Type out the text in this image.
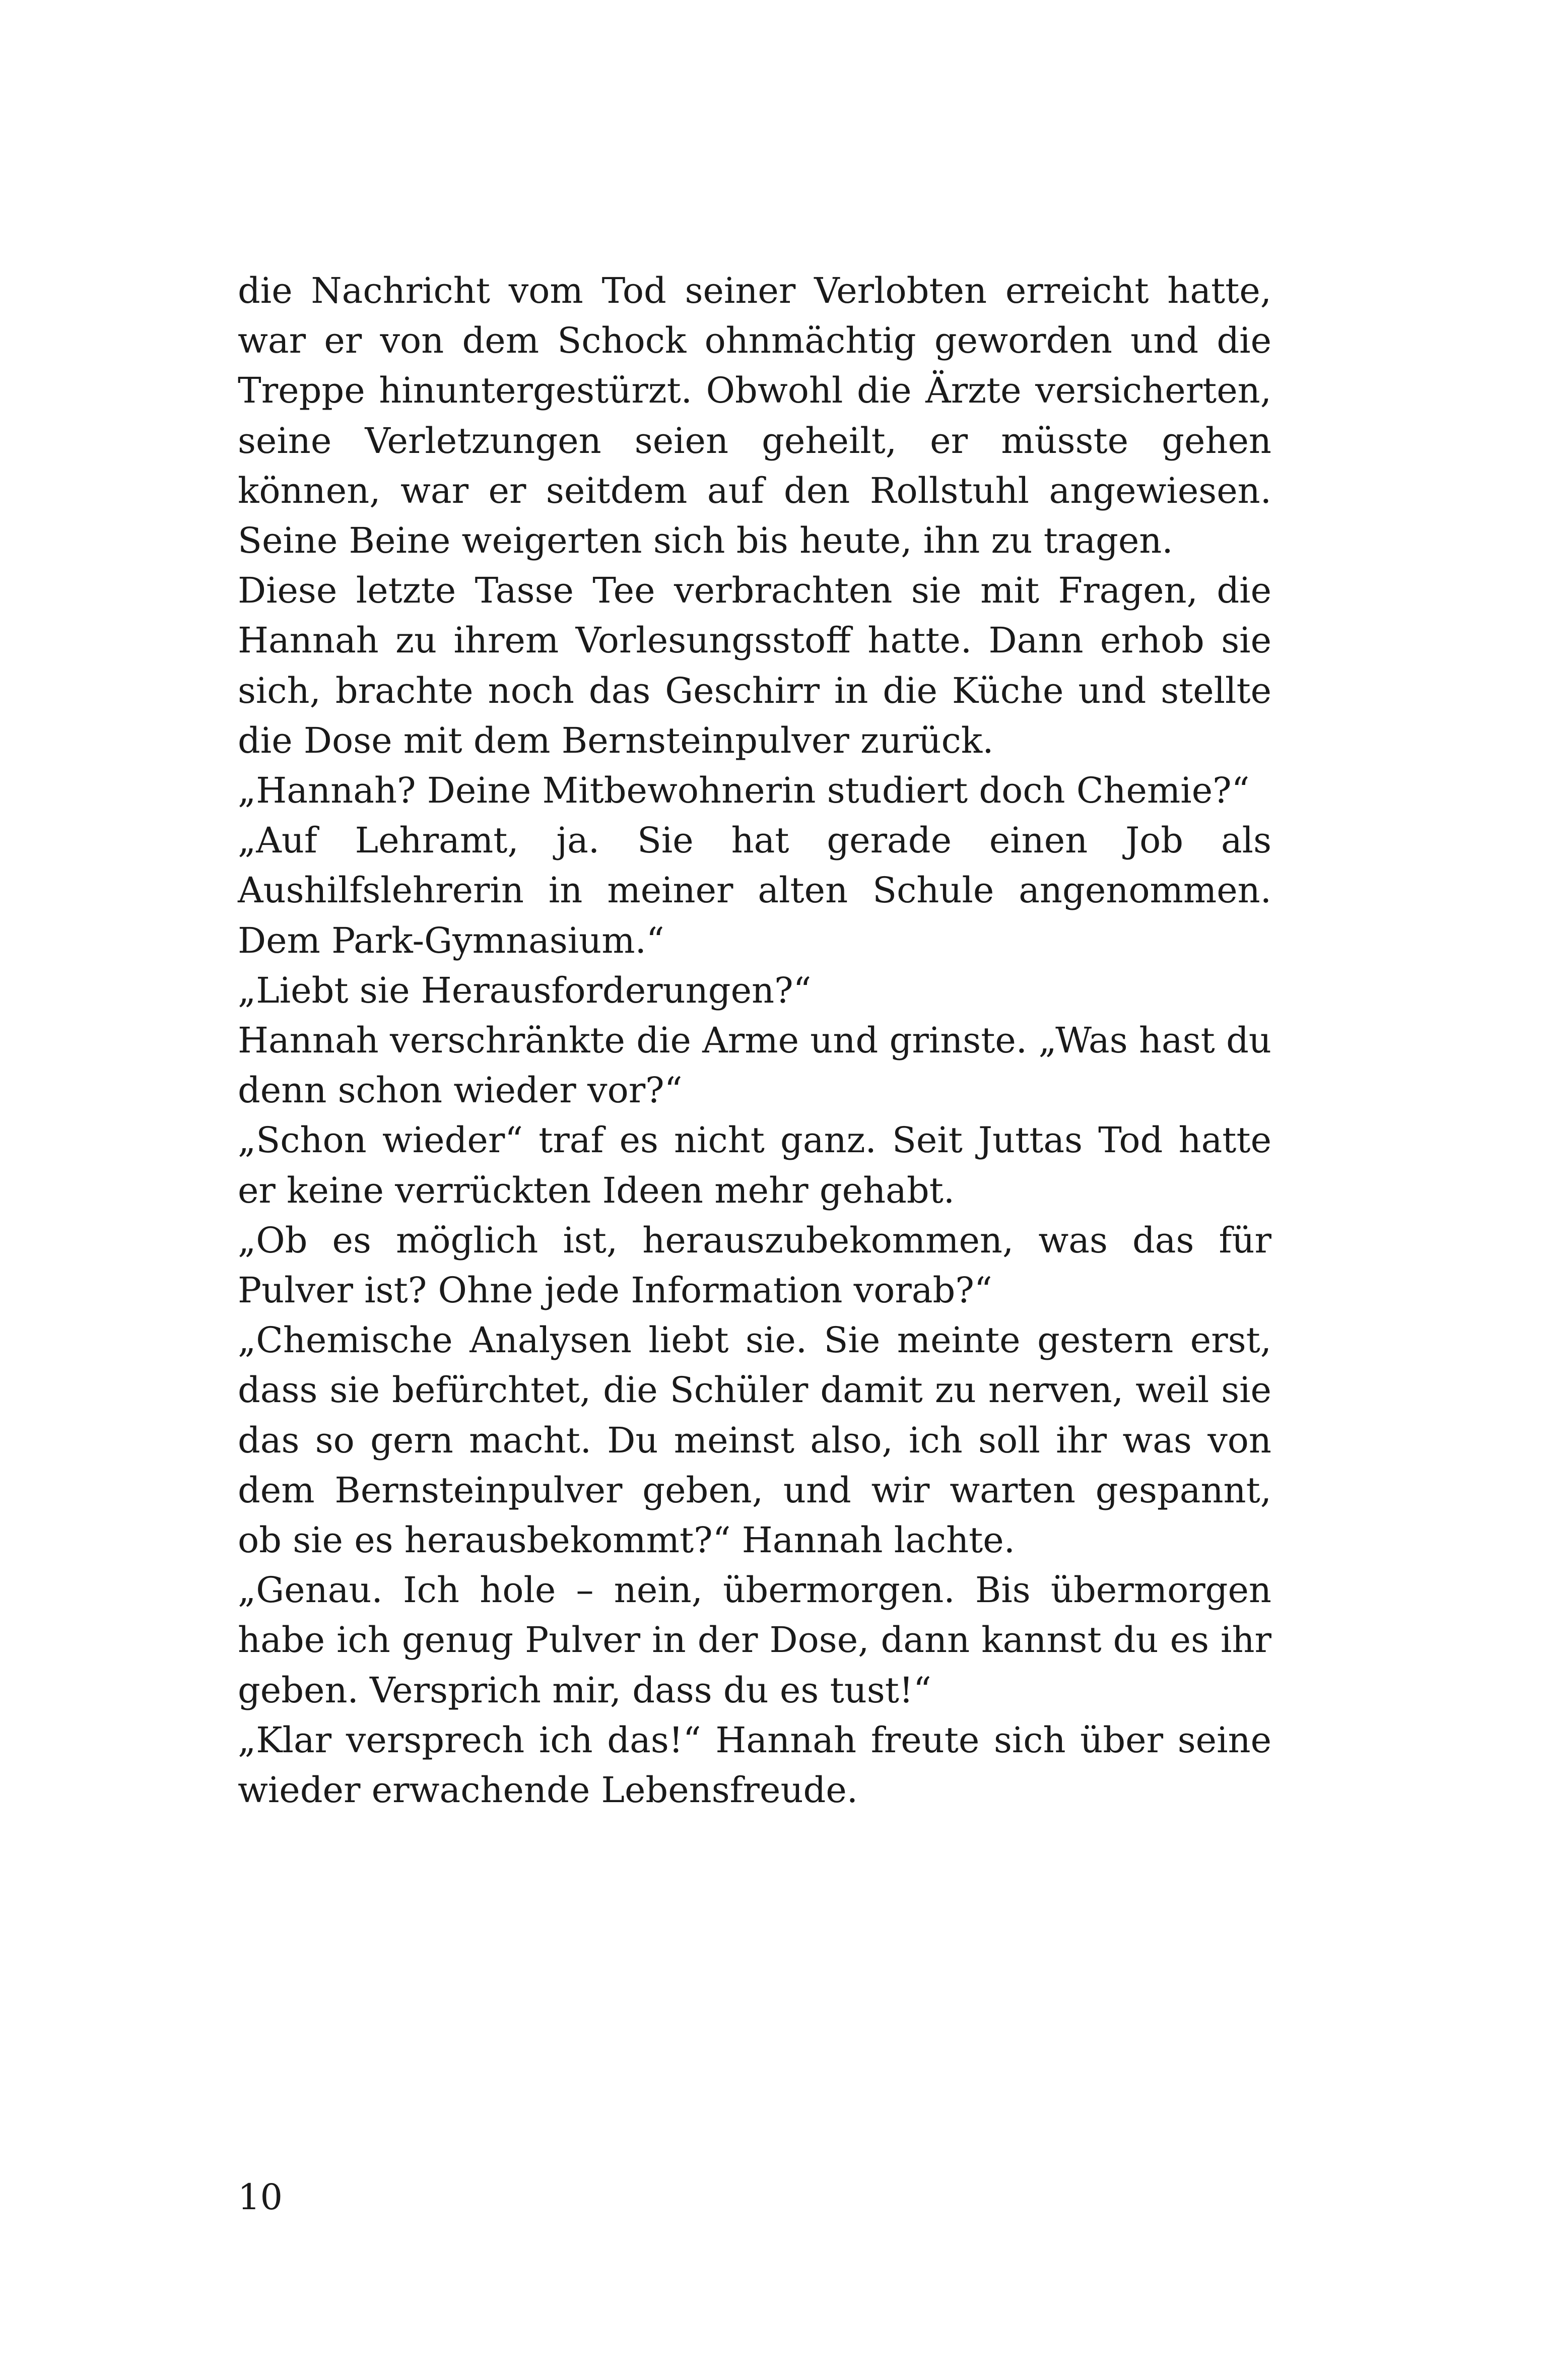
die Nachricht vom Tod seiner Verlobten erreicht hatte, war er von dem Schock ohnmächtig geworden und die Treppe hinuntergestürzt. Obwohl die Ärzte versicherten, seine Verletzungen seien geheilt, er müsste gehen können, war er seitdem auf den Rollstuhl angewiesen. Seine Beine weigerten sich bis heute, ihn zu tragen.

Diese letzte Tasse Tee verbrachten sie mit Fragen, die Hannah zu ihrem Vorlesungsstoff hatte. Dann erhob sie sich, brachte noch das Geschirr in die Küche und stellte die Dose mit dem Bernsteinpulver zurück.

„Hannah? Deine Mitbewohnerin studiert doch Chemie?“

„Auf Lehramt, ja. Sie hat gerade einen Job als Aushilfslehrerin in meiner alten Schule angenommen. Dem Park-Gymnasium.“

„Liebt sie Herausforderungen?“

Hannah verschränkte die Arme und grinste. „Was hast du denn schon wieder vor?“

„Schon wieder“ traf es nicht ganz. Seit Juttas Tod hatte er keine verrückten Ideen mehr gehabt.

„Ob es möglich ist, herauszubekommen, was das für Pulver ist? Ohne jede Information vorab?“

„Chemische Analysen liebt sie. Sie meinte gestern erst, dass sie befürchtet, die Schüler damit zu nerven, weil sie das so gern macht. Du meinst also, ich soll ihr was von dem Bernsteinpulver geben, und wir warten gespannt, ob sie es herausbekommt?“ Hannah lachte.

„Genau. Ich hole – nein, übermorgen. Bis übermorgen habe ich genug Pulver in der Dose, dann kannst du es ihr geben. Versprich mir, dass du es tust!“

„Klar versprech ich das!“ Hannah freute sich über seine wieder erwachende Lebensfreude.

10
